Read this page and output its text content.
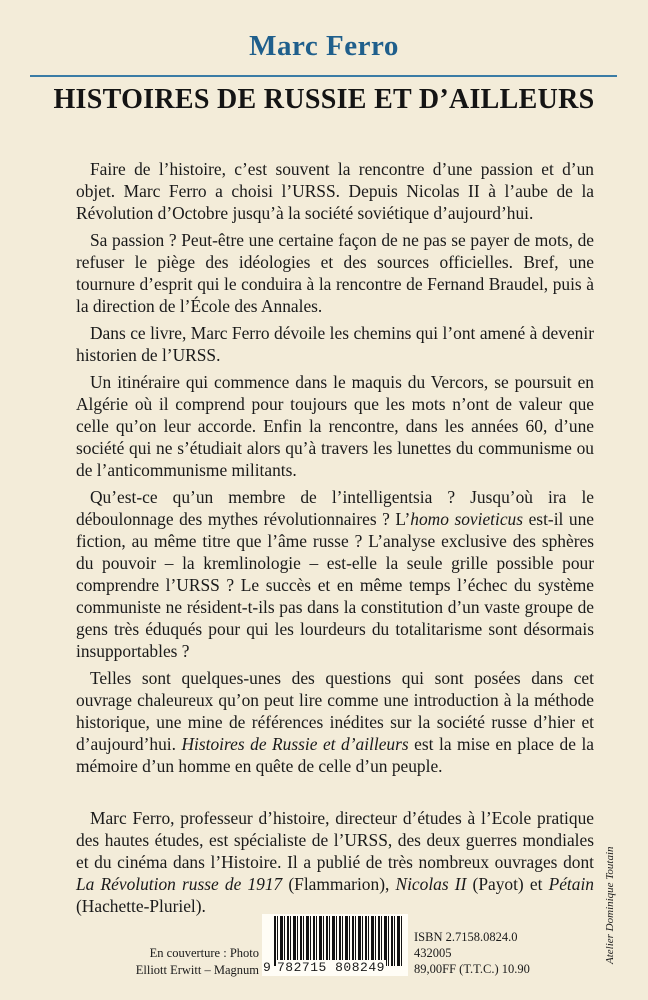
Marc Ferro
HISTOIRES DE RUSSIE ET D’AILLEURS

Faire de l’histoire, c’est souvent la rencontre d’une passion et d’un objet. Marc Ferro a choisi l’URSS. Depuis Nicolas II à l’aube de la Révolution d’Octobre jusqu’à la société soviétique d’aujourd’hui.

Sa passion ? Peut-être une certaine façon de ne pas se payer de mots, de refuser le piège des idéologies et des sources officielles. Bref, une tournure d’esprit qui le conduira à la rencontre de Fernand Braudel, puis à la direction de l’École des Annales.

Dans ce livre, Marc Ferro dévoile les chemins qui l’ont amené à devenir historien de l’URSS.

Un itinéraire qui commence dans le maquis du Vercors, se poursuit en Algérie où il comprend pour toujours que les mots n’ont de valeur que celle qu’on leur accorde. Enfin la rencontre, dans les années 60, d’une société qui ne s’étudiait alors qu’à travers les lunettes du communisme ou de l’anticommunisme militants.

Qu’est-ce qu’un membre de l’intelligentsia ? Jusqu’où ira le déboulonnage des mythes révolutionnaires ? L’homo sovieticus est-il une fiction, au même titre que l’âme russe ? L’analyse exclusive des sphères du pouvoir – la kremlinologie – est-elle la seule grille possible pour comprendre l’URSS ? Le succès et en même temps l’échec du système communiste ne résident-t-ils pas dans la constitution d’un vaste groupe de gens très éduqués pour qui les lourdeurs du totalitarisme sont désormais insupportables ?

Telles sont quelques-unes des questions qui sont posées dans cet ouvrage chaleureux qu’on peut lire comme une introduction à la méthode historique, une mine de références inédites sur la société russe d’hier et d’aujourd’hui. Histoires de Russie et d’ailleurs est la mise en place de la mémoire d’un homme en quête de celle d’un peuple.

Marc Ferro, professeur d’histoire, directeur d’études à l’Ecole pratique des hautes études, est spécialiste de l’URSS, des deux guerres mondiales et du cinéma dans l’Histoire. Il a publié de très nombreux ouvrages dont La Révolution russe de 1917 (Flammarion), Nicolas II (Payot) et Pétain (Hachette-Pluriel).	Atelier Dominique Toutain
En couverture : Photo
Elliott Erwitt – Magnum 9 782715 808249
ISBN 2.7158.0824.0
432005
89,00FF (T.T.C.) 10.90
